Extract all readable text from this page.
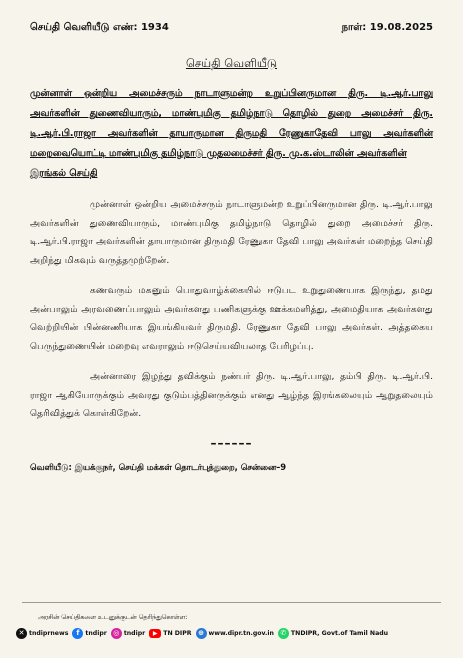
செய்தி வெளியீடு எண்: 1934	நாள்: 19.08.2025
செய்தி வெளியீடு
முன்னாள் ஒன்றிய அமைச்சரும் நாடாளுமன்ற உறுப்பினருமான திரு. டி.ஆர்.பாலு அவர்களின் துணைவியாரும், மாண்புமிகு தமிழ்நாடு தொழில் துறை அமைச்சர் திரு. டி.ஆர்.பி.ராஜா அவர்களின் தாயாருமான திருமதி ரேணுகாதேவி பாலு அவர்களின் மறைவையொட்டி மாண்புமிகு தமிழ்நாடு முதலமைச்சர் திரு. மு.க.ஸ்டாலின் அவர்களின்
இரங்கல் செய்தி

முன்னாள் ஒன்றிய அமைச்சரும் நாடாளுமன்ற உறுப்பினருமான திரு. டி.ஆர்.பாலு அவர்களின் துணைவியாரும், மாண்புமிகு தமிழ்நாடு தொழில் துறை அமைச்சர் திரு. டி.ஆர்.பி.ராஜா அவர்களின் தாயாருமான திருமதி ரேணுகா தேவி பாலு அவர்கள் மறைந்த செய்தி அறிந்து மிகவும் வருத்தமுற்றேன்.

கணவரும் மகனும் பொதுவாழ்க்கையில் ஈடுபட உறுதுணையாக இருந்து, தமது அன்பாலும் அரவணைப்பாலும் அவர்களது பணிகளுக்கு ஊக்கமளித்து, அமைதியாக அவர்களது வெற்றியின் பின்னணியாக இயங்கியவர் திருமதி. ரேணுகா தேவி பாலு அவர்கள். அத்தகைய பெருந்துணையின் மறைவு எவராலும் ஈடுசெய்யவியலாத பேரிழப்பு.

அன்னாரை இழந்து தவிக்கும் நண்பர் திரு. டி.ஆர்.பாலு, தம்பி திரு. டி.ஆர்.பி. ராஜா ஆகியோருக்கும் அவரது குடும்பத்தினருக்கும் எனது ஆழ்ந்த இரங்கலையும் ஆறுதலையும் தெரிவித்துக் கொள்கிறேன்.

––––––
வெளியீடு: இயக்குநர், செய்தி மக்கள் தொடர்புத்துறை, சென்னை–9
அரசின் செய்திகளை உடனுக்குடன் தெரிந்துகொள்ள:
✕ tndiprnews	f tndipr ◎ tndipr	▶ TN DIPR ⊕ www.dipr.tn.gov.in ✆ TNDIPR, Govt.of Tamil Nadu
